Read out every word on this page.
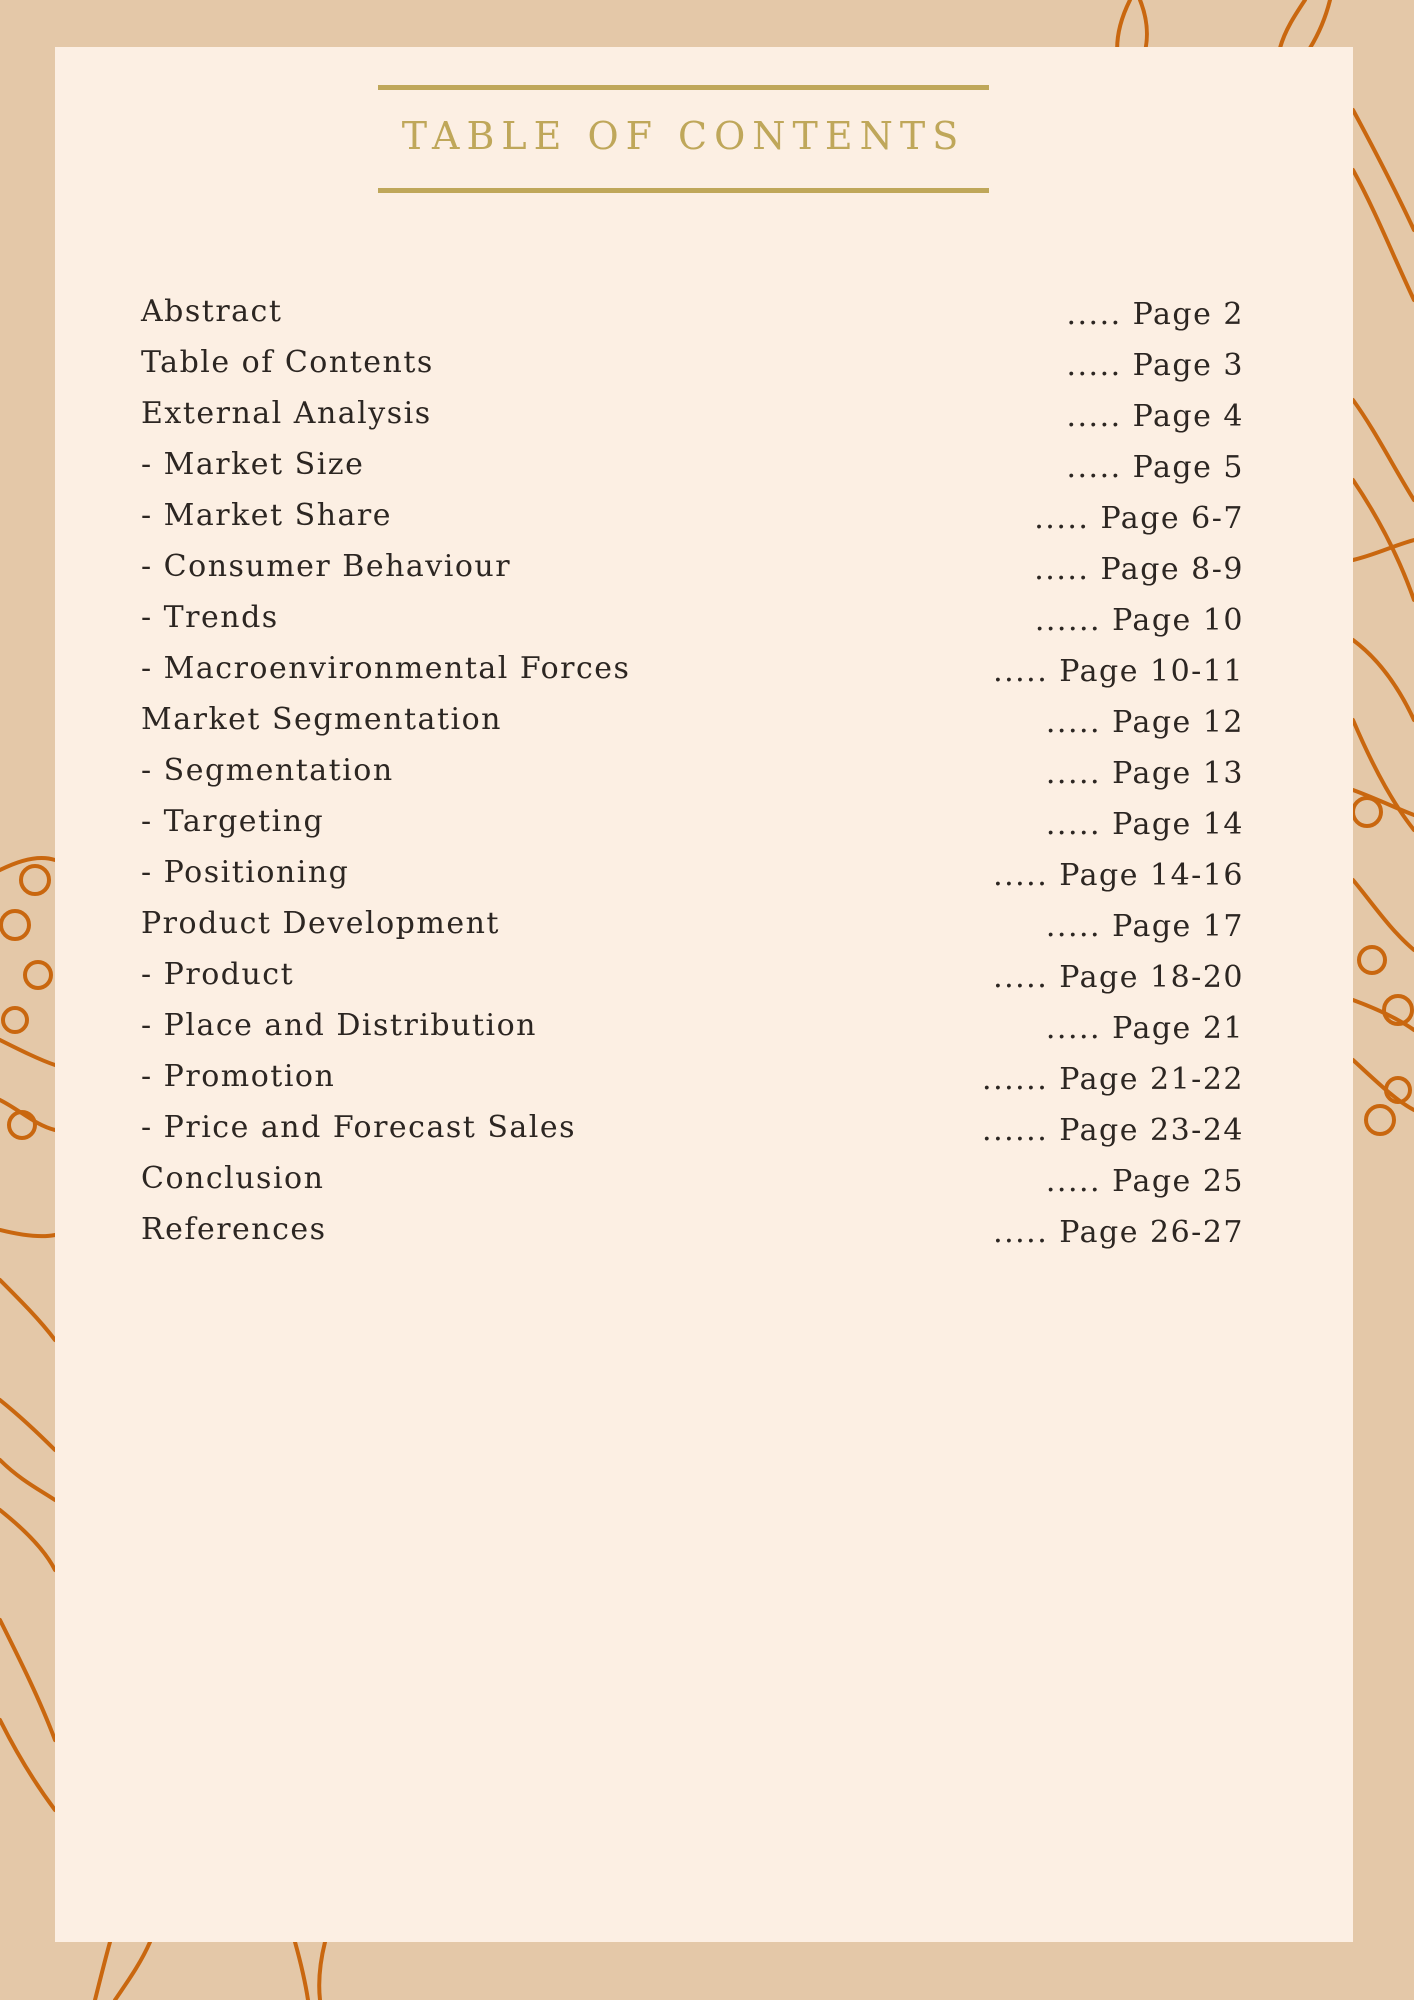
TABLE OF CONTENTS
Abstract	..... Page 2
Table of Contents	..... Page 3
External Analysis	..... Page 4
- Market Size	..... Page 5
- Market Share	..... Page 6-7
- Consumer Behaviour	..... Page 8-9
- Trends	...... Page 10
- Macroenvironmental Forces	..... Page 10-11
Market Segmentation	..... Page 12
- Segmentation	..... Page 13
- Targeting	..... Page 14
- Positioning	..... Page 14-16
Product Development	..... Page 17
- Product	..... Page 18-20
- Place and Distribution	..... Page 21
- Promotion	...... Page 21-22
- Price and Forecast Sales	...... Page 23-24
Conclusion	..... Page 25
References	..... Page 26-27
